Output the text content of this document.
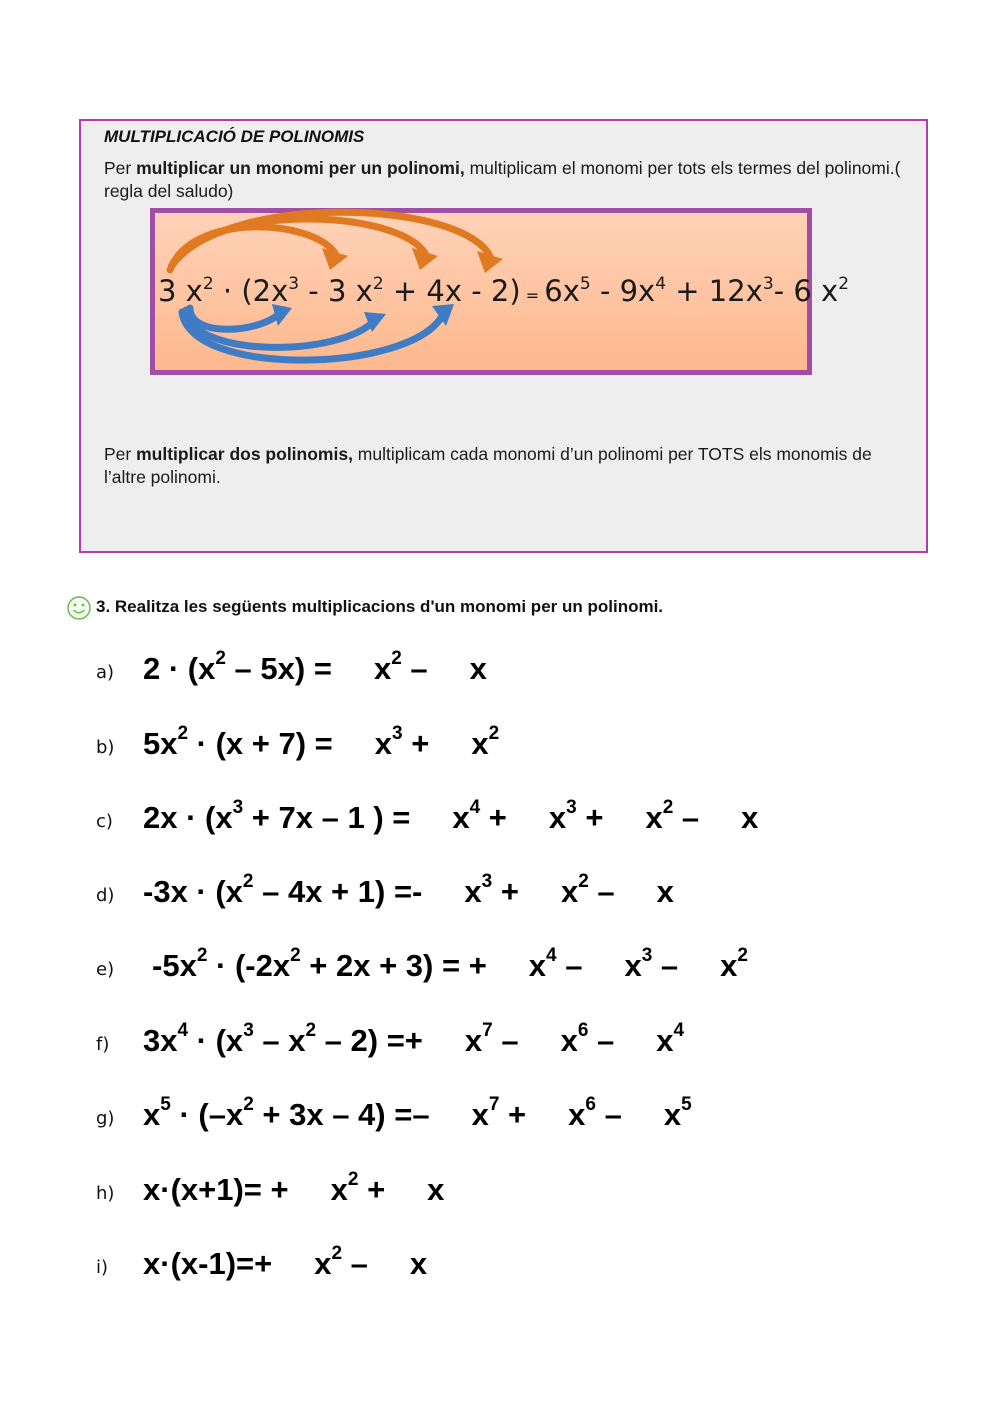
MULTIPLICACIÓ DE POLINOMIS
Per multiplicar un monomi per un polinomi, multiplicam el monomi per tots els termes del polinomi.( regla del saludo)
3 $x^2 \cdot (2x^3 - 3$ $x^2 + 4x - 2) = 6x^5 - 9x^4 + 12x^3-$ 6 $x^2$
Per multiplicar dos polinomis, multiplicam cada monomi d’un polinomi per TOTS els monomis de l’altre polinomi.
3. Realitza les següents multiplicacions d'un monomi per un polinomi.
a) $2 \cdot (x^2 - 5x) = x^2 - x$
b) $5x^2 \cdot (x + 7) = x^3 + x^2$
c) $2x \cdot (x^3 + 7x - 1$ ) = $x^4 + x^3 + x^2 - x$
d) $-3x \cdot (x^2 - 4x + 1) =- x^3 + x^2 - x$
e) $-5x^2 \cdot (-2x^2 + 2x + 3)$ = + $x^4 - x^3 - x^2$
f) $3x^4 \cdot (x^3 - x^2 - 2) =+ x^7 - x^6 - x^4$
g) $x^5 \cdot (-x^2 + 3x - 4) =- x^7 + x^6 - x^5$
h) $x\cdot(x+1)= + x^2 + x$
i) $x\cdot(x-1)=+ x^2 - x$
